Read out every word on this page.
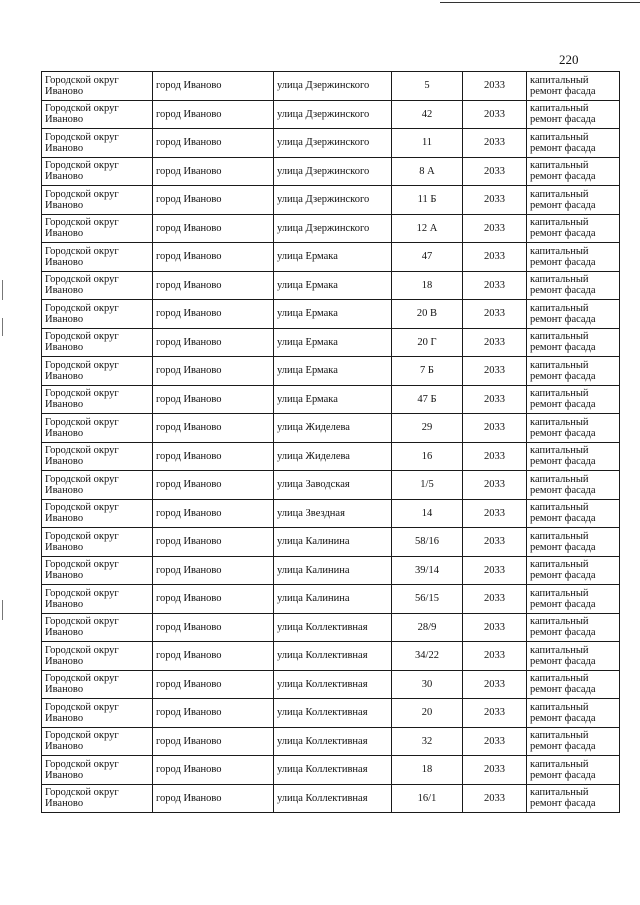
220
Городской округ Иваново	город Иваново	улица Дзержинского	5	2033	капитальный ремонт фасада
Городской округ Иваново	город Иваново	улица Дзержинского	42	2033	капитальный ремонт фасада
Городской округ Иваново	город Иваново	улица Дзержинского	11	2033	капитальный ремонт фасада
Городской округ Иваново	город Иваново	улица Дзержинского	8 А	2033	капитальный ремонт фасада
Городской округ Иваново	город Иваново	улица Дзержинского	11 Б	2033	капитальный ремонт фасада
Городской округ Иваново	город Иваново	улица Дзержинского	12 А	2033	капитальный ремонт фасада
Городской округ Иваново	город Иваново	улица Ермака	47	2033	капитальный ремонт фасада
Городской округ Иваново	город Иваново	улица Ермака	18	2033	капитальный ремонт фасада
Городской округ Иваново	город Иваново	улица Ермака	20 В	2033	капитальный ремонт фасада
Городской округ Иваново	город Иваново	улица Ермака	20 Г	2033	капитальный ремонт фасада
Городской округ Иваново	город Иваново	улица Ермака	7 Б	2033	капитальный ремонт фасада
Городской округ Иваново	город Иваново	улица Ермака	47 Б	2033	капитальный ремонт фасада
Городской округ Иваново	город Иваново	улица Жиделева	29	2033	капитальный ремонт фасада
Городской округ Иваново	город Иваново	улица Жиделева	16	2033	капитальный ремонт фасада
Городской округ Иваново	город Иваново	улица Заводская	1/5	2033	капитальный ремонт фасада
Городской округ Иваново	город Иваново	улица Звездная	14	2033	капитальный ремонт фасада
Городской округ Иваново	город Иваново	улица Калинина	58/16	2033	капитальный ремонт фасада
Городской округ Иваново	город Иваново	улица Калинина	39/14	2033	капитальный ремонт фасада
Городской округ Иваново	город Иваново	улица Калинина	56/15	2033	капитальный ремонт фасада
Городской округ Иваново	город Иваново	улица Коллективная	28/9	2033	капитальный ремонт фасада
Городской округ Иваново	город Иваново	улица Коллективная	34/22	2033	капитальный ремонт фасада
Городской округ Иваново	город Иваново	улица Коллективная	30	2033	капитальный ремонт фасада
Городской округ Иваново	город Иваново	улица Коллективная	20	2033	капитальный ремонт фасада
Городской округ Иваново	город Иваново	улица Коллективная	32	2033	капитальный ремонт фасада
Городской округ Иваново	город Иваново	улица Коллективная	18	2033	капитальный ремонт фасада
Городской округ Иваново	город Иваново	улица Коллективная	16/1	2033	капитальный ремонт фасада
